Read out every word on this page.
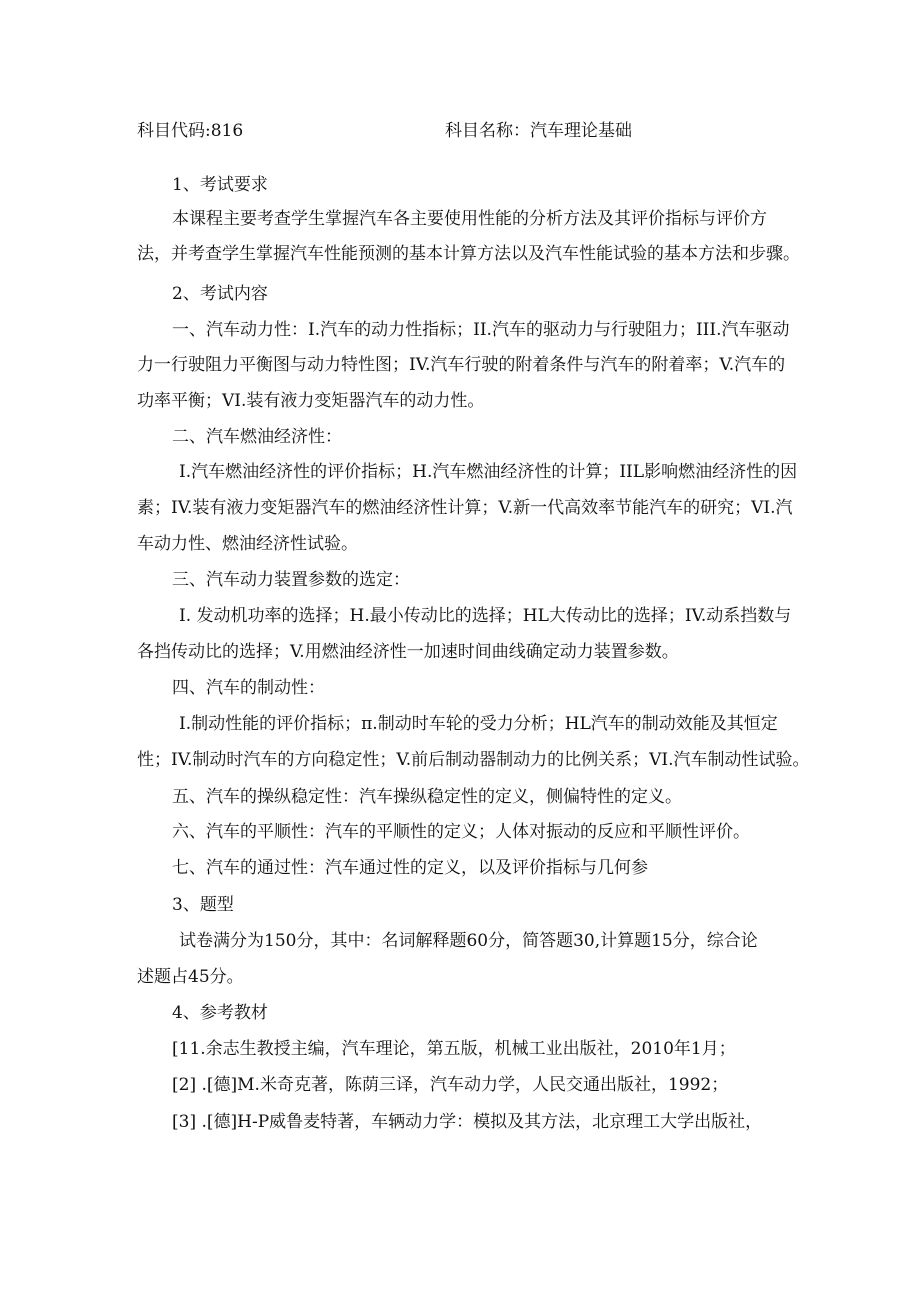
科目代码:816	科目名称：汽车理论基础
1、考试要求
本课程主要考查学生掌握汽车各主要使用性能的分析方法及其评价指标与评价方
法，并考查学生掌握汽车性能预测的基本计算方法以及汽车性能试验的基本方法和步骤。
2、考试内容
一、汽车动力性：I.汽车的动力性指标；II.汽车的驱动力与行驶阻力；III.汽车驱动
力一行驶阻力平衡图与动力特性图；IV.汽车行驶的附着条件与汽车的附着率；V.汽车的
功率平衡；VI.装有液力变矩器汽车的动力性。
二、汽车燃油经济性：
I.汽车燃油经济性的评价指标；H.汽车燃油经济性的计算；IIL影响燃油经济性的因
素；IV.装有液力变矩器汽车的燃油经济性计算；V.新一代高效率节能汽车的研究；VI.汽
车动力性、燃油经济性试验。
三、汽车动力装置参数的选定：
I. 发动机功率的选择；H.最小传动比的选择；HL大传动比的选择；IV.动系挡数与
各挡传动比的选择；V.用燃油经济性一加速时间曲线确定动力装置参数。
四、汽车的制动性：
I.制动性能的评价指标；π.制动时车轮的受力分析；HL汽车的制动效能及其恒定
性；IV.制动时汽车的方向稳定性；V.前后制动器制动力的比例关系；VI.汽车制动性试验。
五、汽车的操纵稳定性：汽车操纵稳定性的定义，侧偏特性的定义。
六、汽车的平顺性：汽车的平顺性的定义；人体对振动的反应和平顺性评价。
七、汽车的通过性：汽车通过性的定义，以及评价指标与几何参
3、题型
试卷满分为150分，其中：名词解释题60分，简答题30,计算题15分，综合论
述题占45分。
4、参考教材
[11.余志生教授主编，汽车理论，第五版，机械工业出版社，2010年1月；
[2] .[德]M.米奇克著，陈荫三译，汽车动力学，人民交通出版社，1992；
[3] .[德]H-P威鲁麦特著，车辆动力学：模拟及其方法，北京理工大学出版社，
